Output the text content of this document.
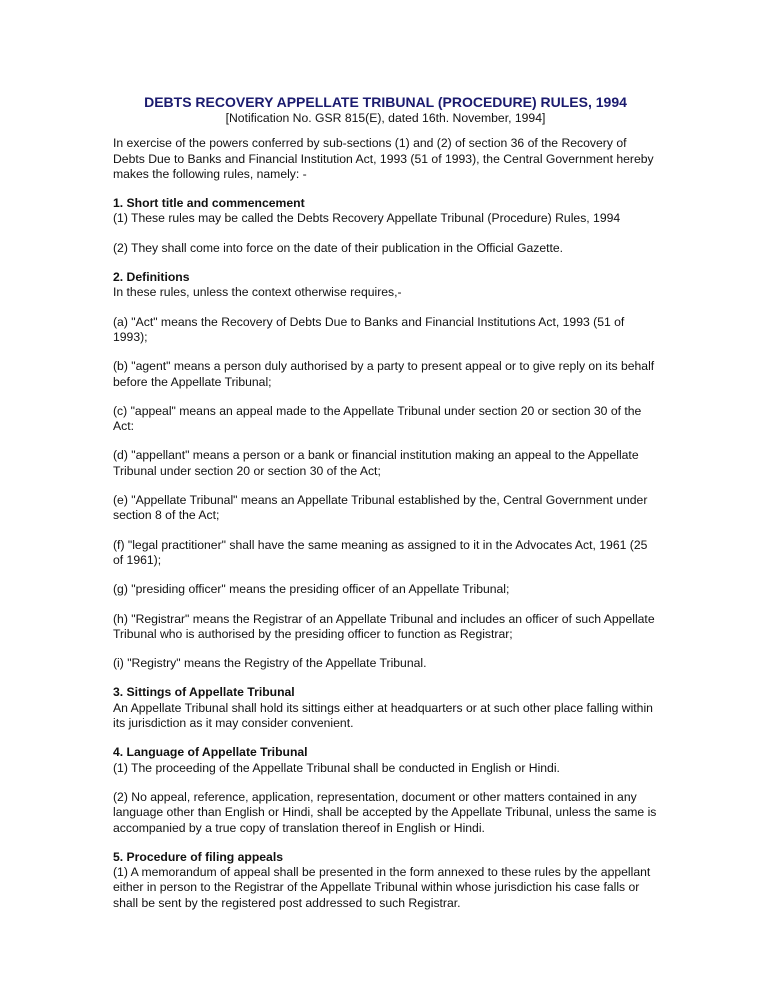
DEBTS RECOVERY APPELLATE TRIBUNAL (PROCEDURE) RULES, 1994
[Notification No. GSR 815(E), dated 16th. November, 1994]

In exercise of the powers conferred by sub-sections (1) and (2) of section 36 of the Recovery of Debts Due to Banks and Financial Institution Act, 1993 (51 of 1993), the Central Government hereby makes the following rules, namely: -

1. Short title and commencement

(1) These rules may be called the Debts Recovery Appellate Tribunal (Procedure) Rules, 1994

(2) They shall come into force on the date of their publication in the Official Gazette.

2. Definitions

In these rules, unless the context otherwise requires,-

(a) "Act" means the Recovery of Debts Due to Banks and Financial Institutions Act, 1993 (51 of 1993);

(b) "agent" means a person duly authorised by a party to present appeal or to give reply on its behalf before the Appellate Tribunal;

(c) "appeal" means an appeal made to the Appellate Tribunal under section 20 or section 30 of the Act:

(d) "appellant" means a person or a bank or financial institution making an appeal to the Appellate Tribunal under section 20 or section 30 of the Act;

(e) "Appellate Tribunal" means an Appellate Tribunal established by the, Central Government under section 8 of the Act;

(f) "legal practitioner" shall have the same meaning as assigned to it in the Advocates Act, 1961 (25 of 1961);

(g) "presiding officer" means the presiding officer of an Appellate Tribunal;

(h) "Registrar" means the Registrar of an Appellate Tribunal and includes an officer of such Appellate Tribunal who is authorised by the presiding officer to function as Registrar;

(i) "Registry" means the Registry of the Appellate Tribunal.

3. Sittings of Appellate Tribunal

An Appellate Tribunal shall hold its sittings either at headquarters or at such other place falling within its jurisdiction as it may consider convenient.

4. Language of Appellate Tribunal

(1) The proceeding of the Appellate Tribunal shall be conducted in English or Hindi.

(2) No appeal, reference, application, representation, document or other matters contained in any language other than English or Hindi, shall be accepted by the Appellate Tribunal, unless the same is accompanied by a true copy of translation thereof in English or Hindi.

5. Procedure of filing appeals

(1) A memorandum of appeal shall be presented in the form annexed to these rules by the appellant either in person to the Registrar of the Appellate Tribunal within whose jurisdiction his case falls or shall be sent by the registered post addressed to such Registrar.
